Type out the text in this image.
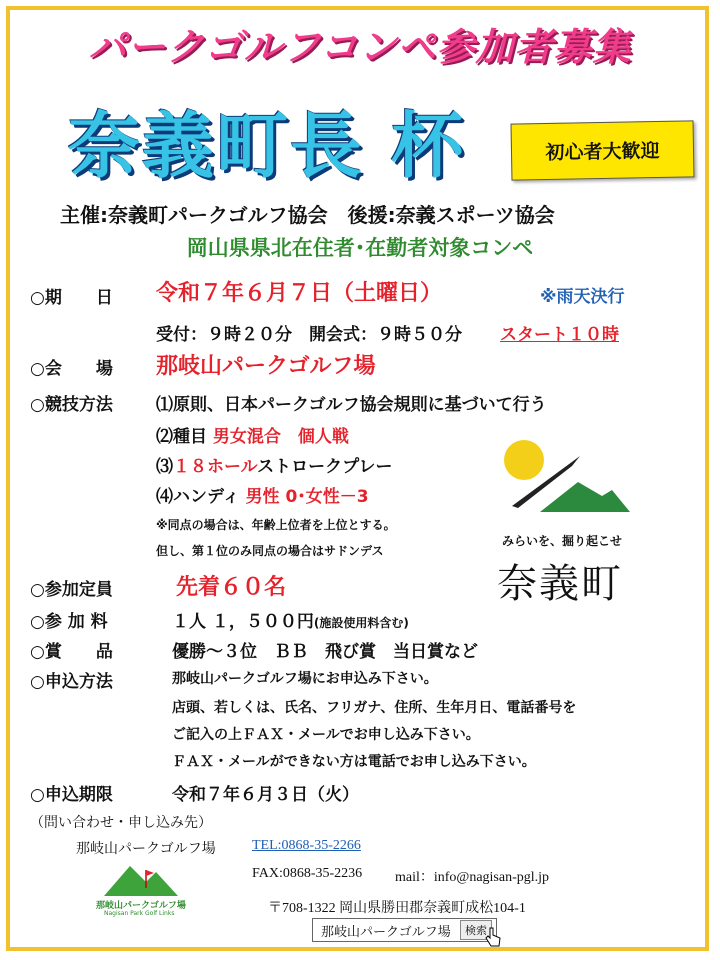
パークゴルフコンペ参加者募集
奈義町長 杯	初心者大歓迎
主催:奈義町パークゴルフ協会　後援:奈義スポーツ協会
岡山県県北在住者･在勤者対象コンペ
○期　　日 令和７年６月７日（土曜日）	※雨天決行
受付：９時２０分　開会式：９時５０分 スタート１０時
○会　　場 那岐山パークゴルフ場
○競技方法	⑴原則、日本パークゴルフ協会規則に基づいて行う
⑵種目 男女混合　個人戦
⑶１８ホールストロークプレー
⑷ハンディ 男性 0･女性－3
※同点の場合は、年齢上位者を上位とする。
但し、第１位のみ同点の場合はサドンデス
みらいを、掘り起こせ
奈義町
○参加定員	先着６０名
○参 加 料	１人 １，５００円(施設使用料含む)
○賞　　品	優勝～３位　ＢＢ　飛び賞　当日賞など
○申込方法	那岐山パークゴルフ場にお申込み下さい。
店頭、若しくは、氏名、フリガナ、住所、生年月日、電話番号を
ご記入の上ＦＡＸ・メールでお申し込み下さい。
ＦＡＸ・メールができない方は電話でお申し込み下さい。
○申込期限	令和７年６月３日（火）
（問い合わせ・申し込み先）
那岐山パークゴルフ場	TEL:0868-35-2266
FAX:0868-35-2236 mail：info@nagisan-pgl.jp
〒708-1322 岡山県勝田郡奈義町成松104-1
那岐山パークゴルフ場
Nagisan Park Golf Links
那岐山パークゴルフ場	検索
